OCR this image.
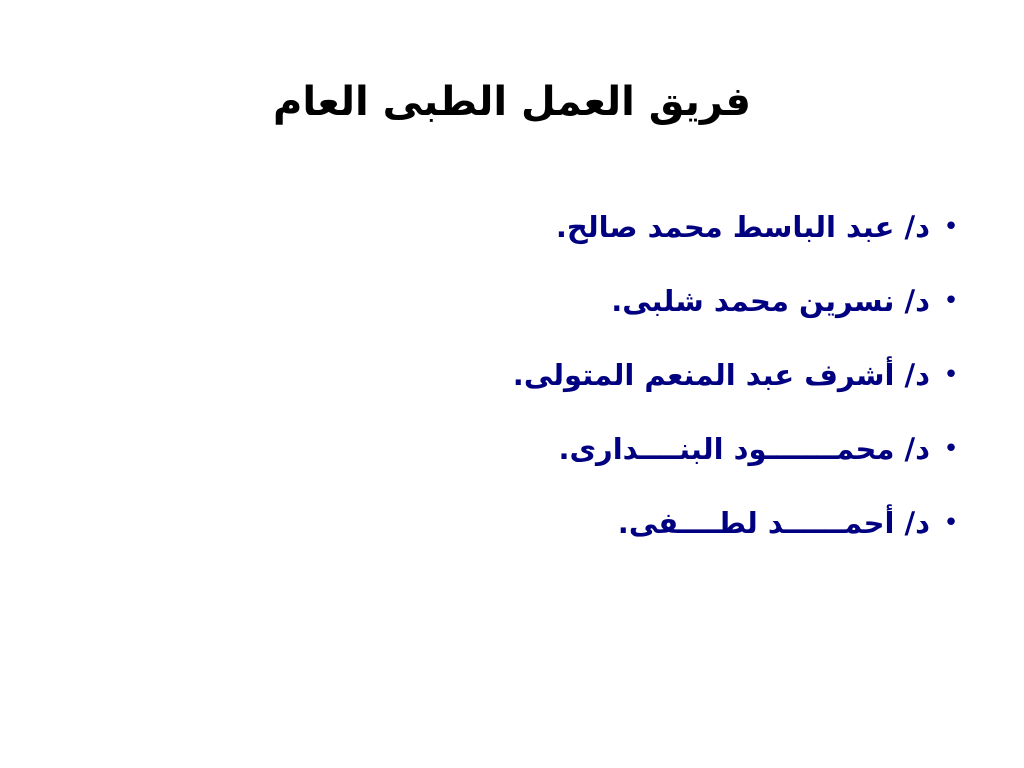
فريق العمل الطبى العام
•
د/ عبد الباسط محمد صالح.
•
د/ نسرين محمد شلبى.
•
د/ أشرف عبد المنعم المتولى.
•
د/ محمـــــــود البنــــدارى.
•
د/ أحمــــــد لطــــفى.
